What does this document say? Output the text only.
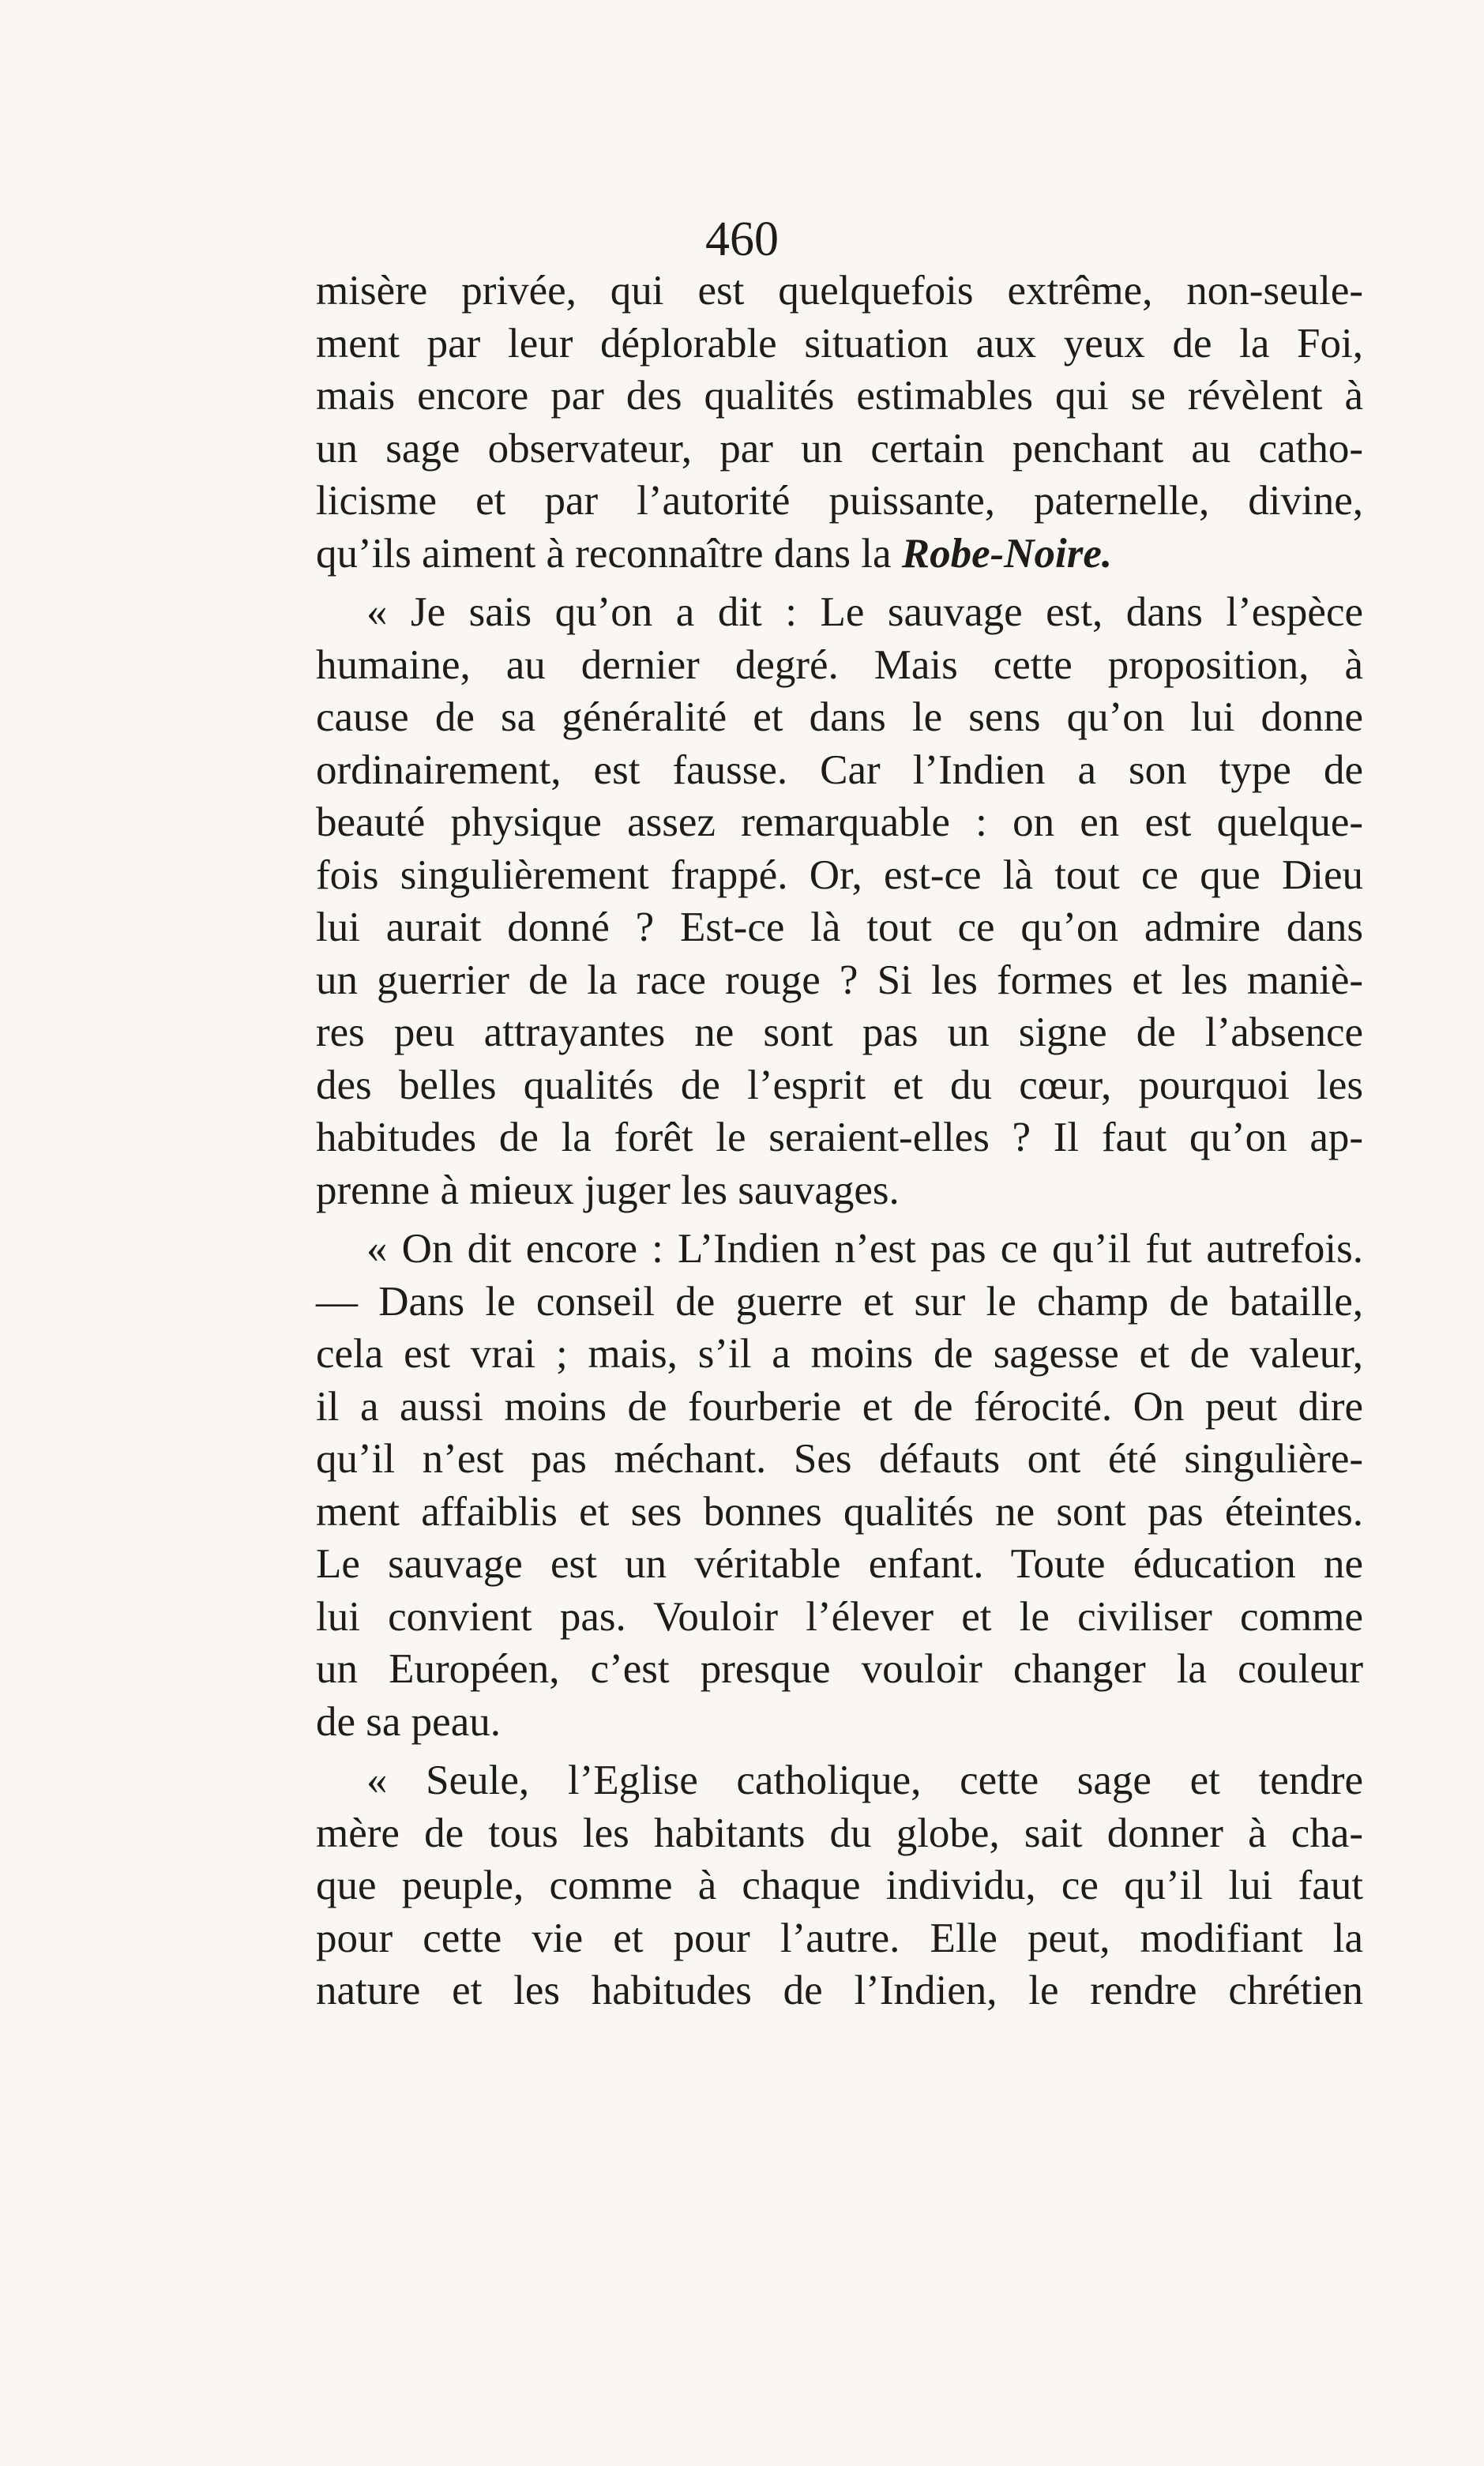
460
misère privée, qui est quelquefois extrême, non-seule-
ment par leur déplorable situation aux yeux de la Foi,
mais encore par des qualités estimables qui se révèlent à
un sage observateur, par un certain penchant au catho-
licisme et par l’autorité puissante, paternelle, divine,
qu’ils aiment à reconnaître dans la Robe-Noire.
« Je sais qu’on a dit : Le sauvage est, dans l’espèce
humaine, au dernier degré. Mais cette proposition, à
cause de sa généralité et dans le sens qu’on lui donne
ordinairement, est fausse. Car l’Indien a son type de
beauté physique assez remarquable : on en est quelque-
fois singulièrement frappé. Or, est-ce là tout ce que Dieu
lui aurait donné ? Est-ce là tout ce qu’on admire dans
un guerrier de la race rouge ? Si les formes et les maniè-
res peu attrayantes ne sont pas un signe de l’absence
des belles qualités de l’esprit et du cœur, pourquoi les
habitudes de la forêt le seraient-elles ? Il faut qu’on ap-
prenne à mieux juger les sauvages.
« On dit encore : L’Indien n’est pas ce qu’il fut autrefois.
— Dans le conseil de guerre et sur le champ de bataille,
cela est vrai ; mais, s’il a moins de sagesse et de valeur,
il a aussi moins de fourberie et de férocité. On peut dire
qu’il n’est pas méchant. Ses défauts ont été singulière-
ment affaiblis et ses bonnes qualités ne sont pas éteintes.
Le sauvage est un véritable enfant. Toute éducation ne
lui convient pas. Vouloir l’élever et le civiliser comme
un Européen, c’est presque vouloir changer la couleur
de sa peau.
« Seule, l’Eglise catholique, cette sage et tendre
mère de tous les habitants du globe, sait donner à cha-
que peuple, comme à chaque individu, ce qu’il lui faut
pour cette vie et pour l’autre. Elle peut, modifiant la
nature et les habitudes de l’Indien, le rendre chrétien
